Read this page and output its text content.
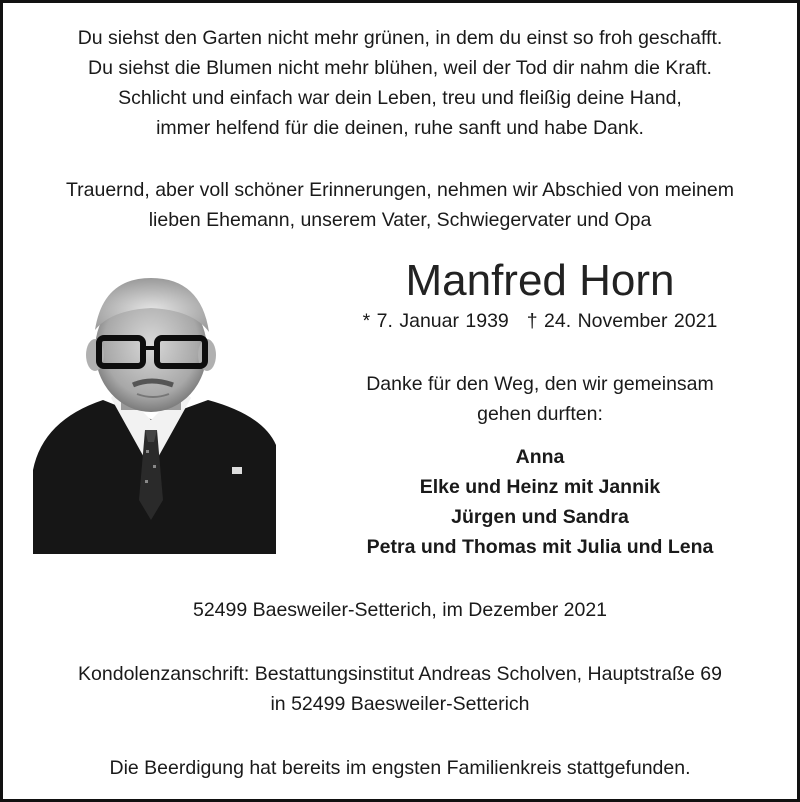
Du siehst den Garten nicht mehr grünen, in dem du einst so froh geschafft.
Du siehst die Blumen nicht mehr blühen, weil der Tod dir nahm die Kraft.
Schlicht und einfach war dein Leben, treu und fleißig deine Hand,
immer helfend für die deinen, ruhe sanft und habe Dank.
Trauernd, aber voll schöner Erinnerungen, nehmen wir Abschied von meinem
lieben Ehemann, unserem Vater, Schwiegervater und Opa
Manfred Horn
* 7. Januar 1939 † 24. November 2021
Danke für den Weg, den wir gemeinsam
gehen durften:
Anna
Elke und Heinz mit Jannik
Jürgen und Sandra
Petra und Thomas mit Julia und Lena
52499 Baesweiler-Setterich, im Dezember 2021
Kondolenzanschrift: Bestattungsinstitut Andreas Scholven, Hauptstraße 69
in 52499 Baesweiler-Setterich
Die Beerdigung hat bereits im engsten Familienkreis stattgefunden.
